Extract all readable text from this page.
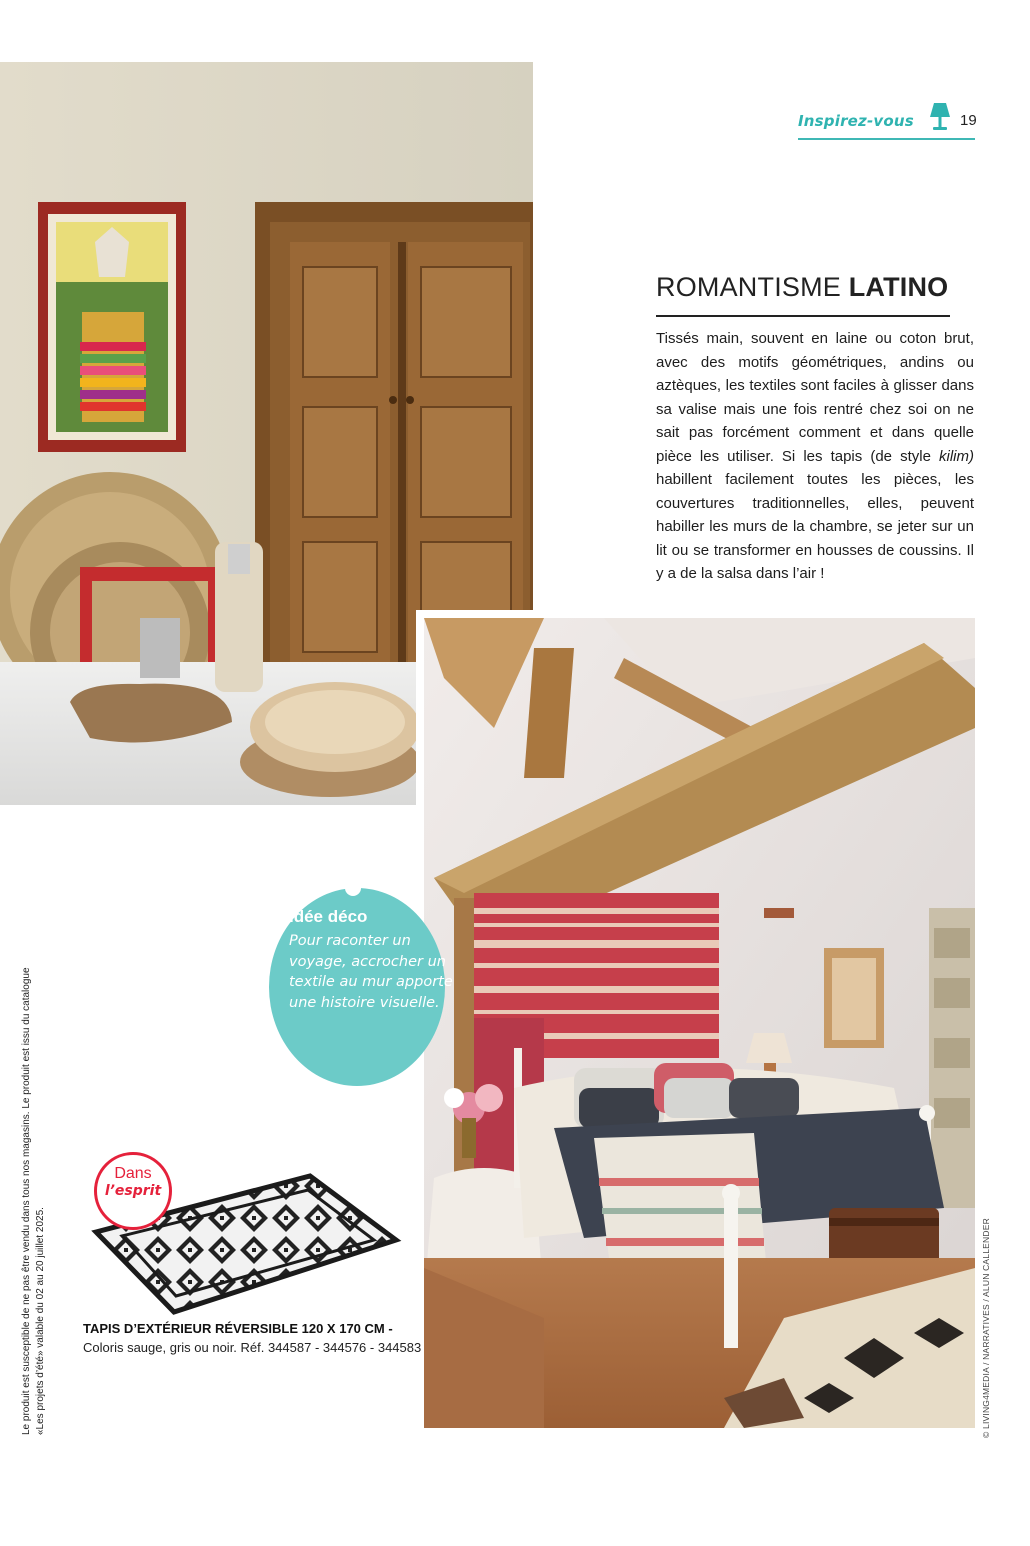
Inspirez-vous	19
ROMANTISME LATINO
Tissés main, souvent en laine ou coton brut, avec des motifs géométriques, andins ou aztèques, les textiles sont faciles à glisser dans sa valise mais une fois rentré chez soi on ne sait pas forcément comment et dans quelle pièce les utiliser. Si les tapis (de style kilim) habillent facilement toutes les pièces, les couvertures traditionnelles, elles, peuvent habiller les murs de la chambre, se jeter sur un lit ou se transformer en housses de coussins. Il y a de la salsa dans l’air !
Idée déco
Pour raconter un voyage, accrocher un textile au mur apporte une histoire visuelle.
Dans
l’esprit
TAPIS D’EXTÉRIEUR RÉVERSIBLE 120 X 170 CM -
Coloris sauge, gris ou noir. Réf. 344587 - 344576 - 344583
Le produit est susceptible de ne pas être vendu dans tous nos magasins. Le produit est issu du catalogue «Les projets d’été» valable du 02 au 20 juillet 2025.	© LIVING4MEDIA / NARRATIVES / ALUN CALLENDER
